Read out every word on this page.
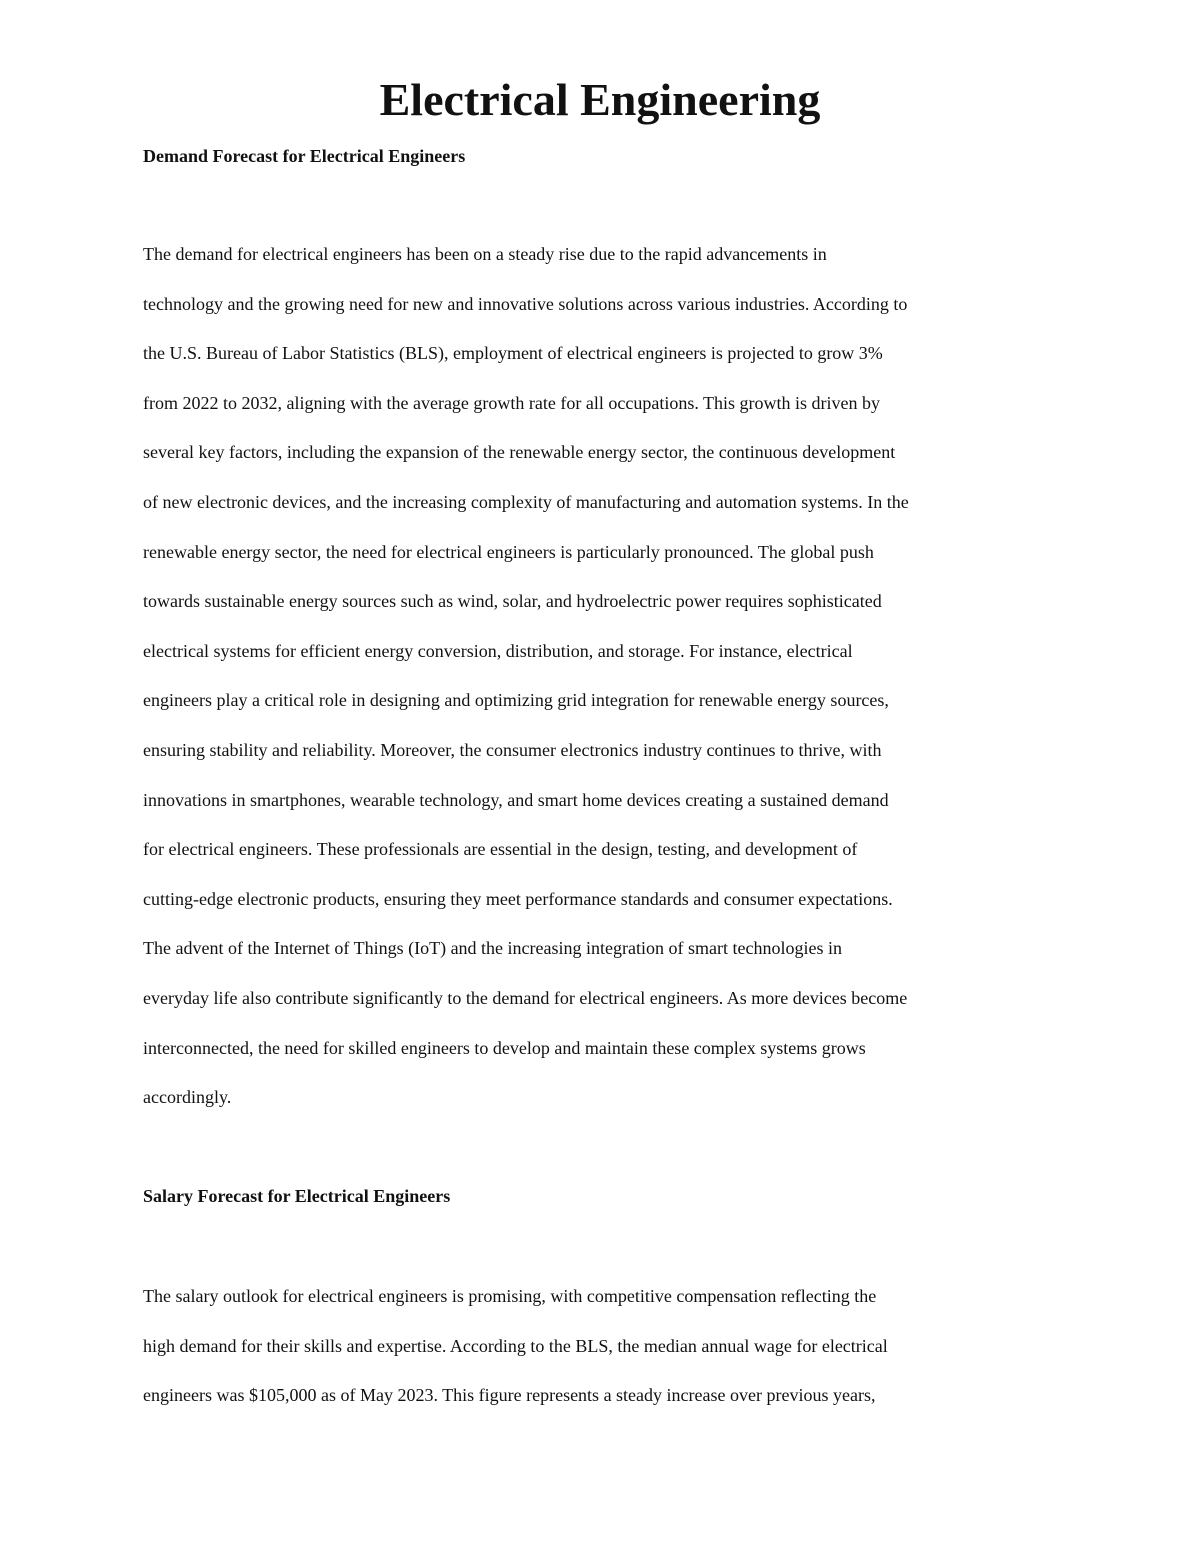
Electrical Engineering
Demand Forecast for Electrical Engineers
The demand for electrical engineers has been on a steady rise due to the rapid advancements in
technology and the growing need for new and innovative solutions across various industries. According to
the U.S. Bureau of Labor Statistics (BLS), employment of electrical engineers is projected to grow 3%
from 2022 to 2032, aligning with the average growth rate for all occupations. This growth is driven by
several key factors, including the expansion of the renewable energy sector, the continuous development
of new electronic devices, and the increasing complexity of manufacturing and automation systems. In the
renewable energy sector, the need for electrical engineers is particularly pronounced. The global push
towards sustainable energy sources such as wind, solar, and hydroelectric power requires sophisticated
electrical systems for efficient energy conversion, distribution, and storage. For instance, electrical
engineers play a critical role in designing and optimizing grid integration for renewable energy sources,
ensuring stability and reliability. Moreover, the consumer electronics industry continues to thrive, with
innovations in smartphones, wearable technology, and smart home devices creating a sustained demand
for electrical engineers. These professionals are essential in the design, testing, and development of
cutting-edge electronic products, ensuring they meet performance standards and consumer expectations.
The advent of the Internet of Things (IoT) and the increasing integration of smart technologies in
everyday life also contribute significantly to the demand for electrical engineers. As more devices become
interconnected, the need for skilled engineers to develop and maintain these complex systems grows
accordingly.
Salary Forecast for Electrical Engineers
The salary outlook for electrical engineers is promising, with competitive compensation reflecting the
high demand for their skills and expertise. According to the BLS, the median annual wage for electrical
engineers was $105,000 as of May 2023. This figure represents a steady increase over previous years,
